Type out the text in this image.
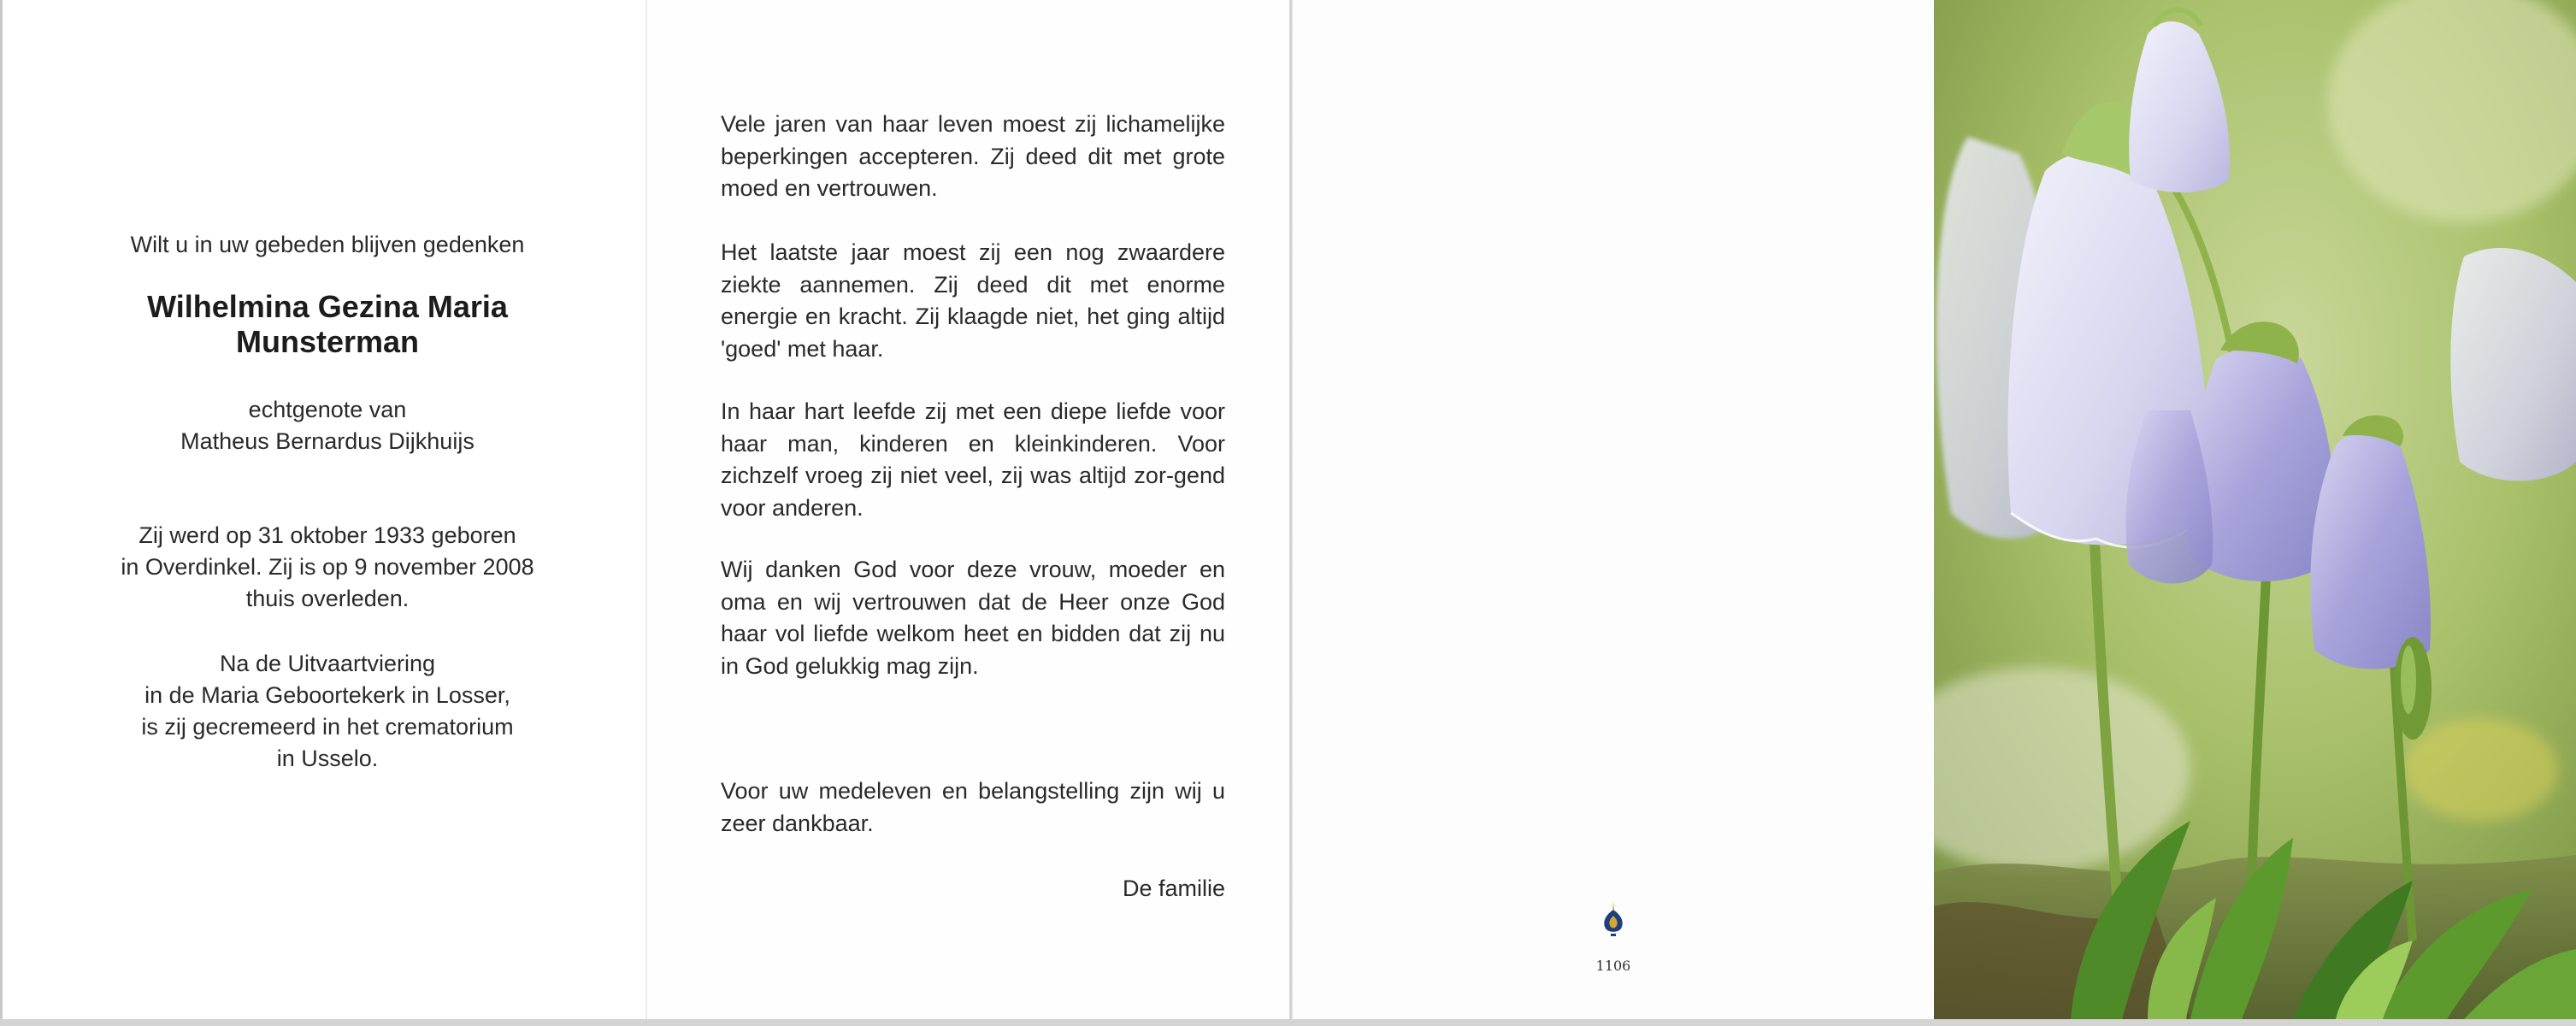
Wilt u in uw gebeden blijven gedenken
Wilhelmina Gezina Maria
Munsterman
echtgenote van
Matheus Bernardus Dijkhuijs
Zij werd op 31 oktober 1933 geboren
in Overdinkel. Zij is op 9 november 2008
thuis overleden.
Na de Uitvaartviering
in de Maria Geboortekerk in Losser,
is zij gecremeerd in het crematorium
in Usselo.
Vele jaren van haar leven moest zij lichamelijke beperkingen accepteren. Zij deed dit met grote moed en vertrouwen.
Het laatste jaar moest zij een nog zwaardere ziekte aannemen. Zij deed dit met enorme energie en kracht. Zij klaagde niet, het ging altijd 'goed' met haar.
In haar hart leefde zij met een diepe liefde voor haar man, kinderen en kleinkinderen. Voor zichzelf vroeg zij niet veel, zij was altijd zor-gend voor anderen.
Wij danken God voor deze vrouw, moeder en oma en wij vertrouwen dat de Heer onze God haar vol liefde welkom heet en bidden dat zij nu in God gelukkig mag zijn.
Voor uw medeleven en belangstelling zijn wij u zeer dankbaar.
De familie
1106
